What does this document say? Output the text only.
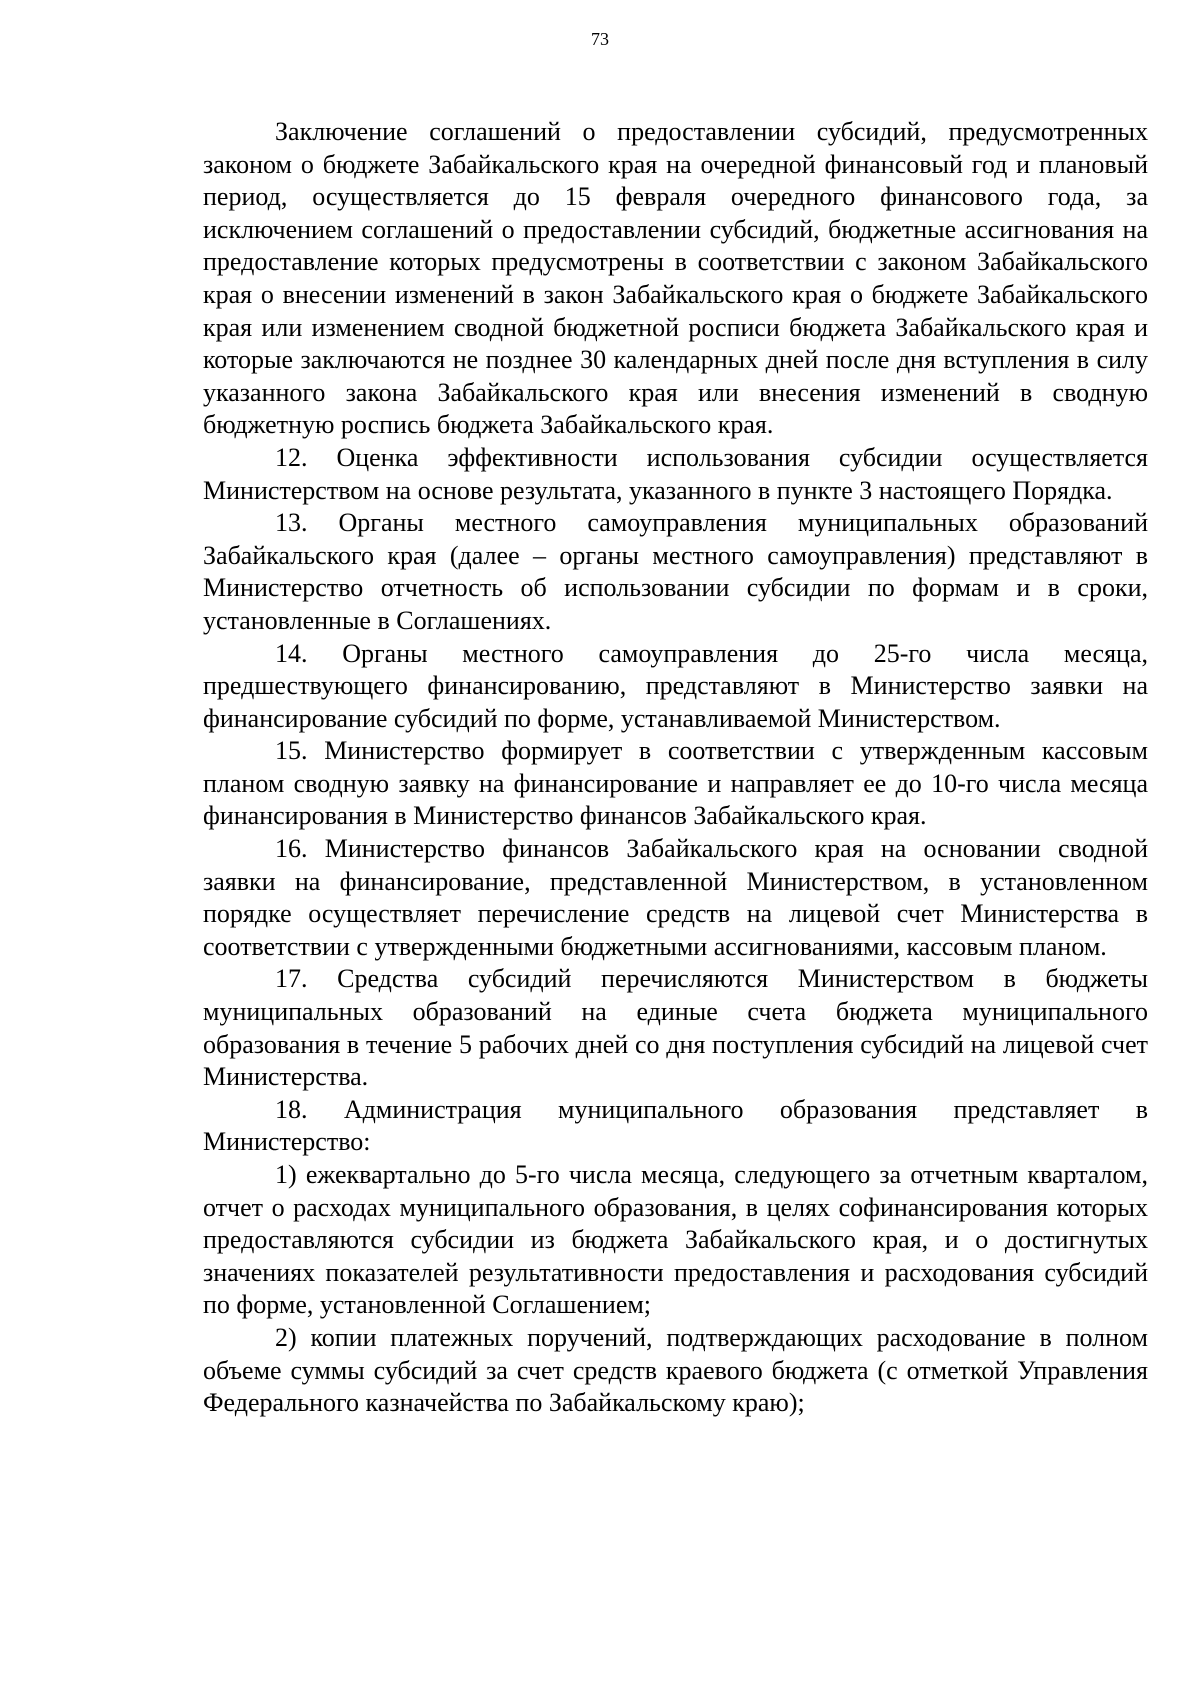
73

Заключение соглашений о предоставлении субсидий, предусмотренных законом о бюджете Забайкальского края на очередной финансовый год и плановый период, осуществляется до 15 февраля очередного финансового года, за исключением соглашений о предоставлении субсидий, бюджетные ассигнования на предоставление которых предусмотрены в соответствии с законом Забайкальского края о внесении изменений в закон Забайкальского края о бюджете Забайкальского края или изменением сводной бюджетной росписи бюджета Забайкальского края и которые заключаются не позднее 30 календарных дней после дня вступления в силу указанного закона Забайкальского края или внесения изменений в сводную бюджетную роспись бюджета Забайкальского края.

12. Оценка эффективности использования субсидии осуществляется Министерством на основе результата, указанного в пункте 3 настоящего Порядка.

13. Органы местного самоуправления муниципальных образований Забайкальского края (далее – органы местного самоуправления) представляют в Министерство отчетность об использовании субсидии по формам и в сроки, установленные в Соглашениях.

14. Органы местного самоуправления до 25-го числа месяца, предшествующего финансированию, представляют в Министерство заявки на финансирование субсидий по форме, устанавливаемой Министерством.

15. Министерство формирует в соответствии с утвержденным кассовым планом сводную заявку на финансирование и направляет ее до 10-го числа месяца финансирования в Министерство финансов Забайкальского края.

16. Министерство финансов Забайкальского края на основании сводной заявки на финансирование, представленной Министерством, в установленном порядке осуществляет перечисление средств на лицевой счет Министерства в соответствии с утвержденными бюджетными ассигнованиями, кассовым планом.

17. Средства субсидий перечисляются Министерством в бюджеты муниципальных образований на единые счета бюджета муниципального образования в течение 5 рабочих дней со дня поступления субсидий на лицевой счет Министерства.

18. Администрация муниципального образования представляет в Министерство:

1) ежеквартально до 5-го числа месяца, следующего за отчетным кварталом, отчет о расходах муниципального образования, в целях софинансирования которых предоставляются субсидии из бюджета Забайкальского края, и о достигнутых значениях показателей результативности предоставления и расходования субсидий по форме, установленной Соглашением;

2) копии платежных поручений, подтверждающих расходование в полном объеме суммы субсидий за счет средств краевого бюджета (с отметкой Управления Федерального казначейства по Забайкальскому краю);
